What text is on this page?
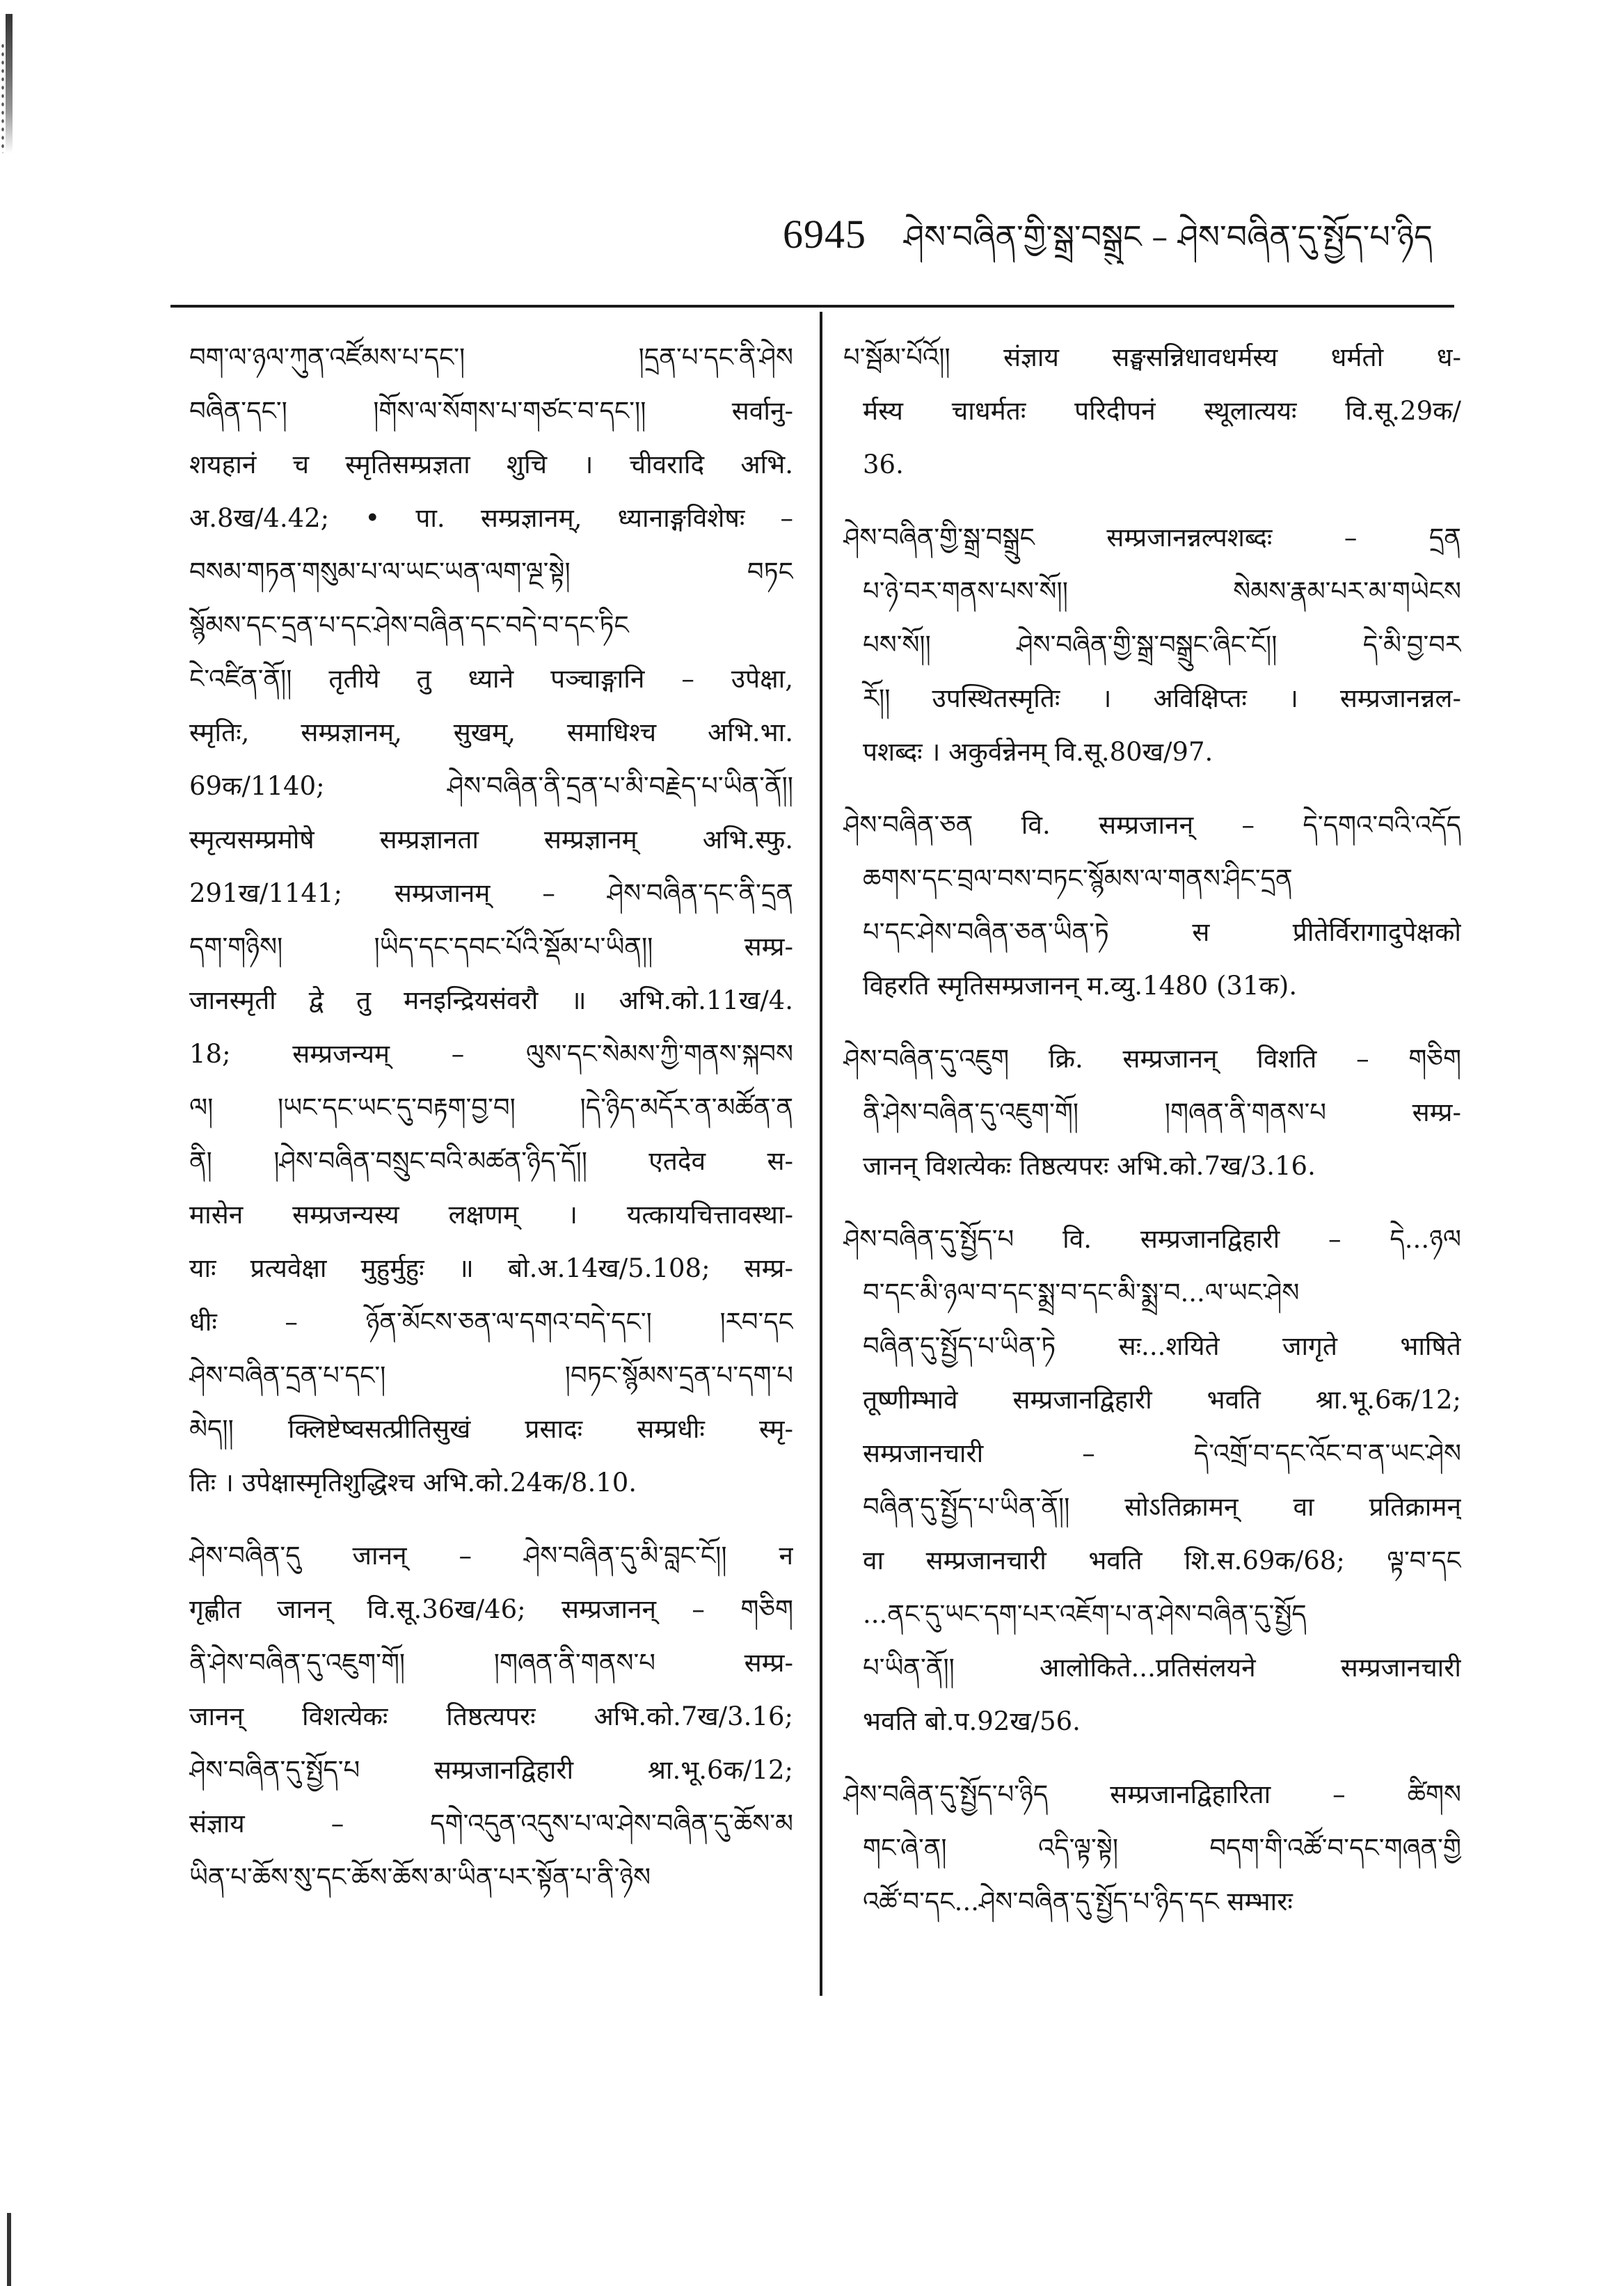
6945 ཤེས་བཞིན་གྱི་སྒྲ་བསྒྲུང – ཤེས་བཞིན་དུ་སྤྱོད་པ་ཉིད
བག་ལ་ཉལ་ཀུན་འཛོམས་པ་དང་། །དྲན་པ་དང་ནི་ཤེས
བཞིན་དང་། །གོས་ལ་སོགས་པ་གཙང་བ་དང་།། सर्वानु-
शयहानं च स्मृतिसम्प्रज्ञता शुचि । चीवरादि अभि.
अ.8ख/4.42; • पा. सम्प्रज्ञानम्, ध्यानाङ्गविशेषः –
བསམ་གཏན་གསུམ་པ་ལ་ཡང་ཡན་ལག་ལྔ་སྟེ། བཏང
སྙོམས་དང་དྲན་པ་དང་ཤེས་བཞིན་དང་བདེ་བ་དང་ཏིང
ངེ་འཛིན་ནོ།། तृतीये तु ध्याने पञ्चाङ्गानि – उपेक्षा,
स्मृतिः, सम्प्रज्ञानम्, सुखम्, समाधिश्च अभि.भा.
69क/1140; ཤེས་བཞིན་ནི་དྲན་པ་མི་བརྗེད་པ་ཡིན་ནོ།།
स्मृत्यसम्प्रमोषे सम्प्रज्ञानता सम्प्रज्ञानम् अभि.स्फु.
291ख/1141; सम्प्रजानम् – ཤེས་བཞིན་དང་ནི་དྲན
དག་གཉིས། །ཡིད་དང་དབང་པོའི་སྡོམ་པ་ཡིན།། सम्प्र-
जानस्मृती द्वे तु मनइन्द्रियसंवरौ ॥ अभि.को.11ख/4.
18; सम्प्रजन्यम् – ལུས་དང་སེམས་ཀྱི་གནས་སྐབས
ལ། །ཡང་དང་ཡང་དུ་བརྟག་བྱ་བ། །དེ་ཉིད་མདོར་ན་མཚོན་ན
ནི། །ཤེས་བཞིན་བསྲུང་བའི་མཚན་ཉིད་དོ།། एतदेव स-
मासेन सम्प्रजन्यस्य लक्षणम् । यत्कायचित्तावस्था-
याः प्रत्यवेक्षा मुहुर्मुहुः ॥ बो.अ.14ख/5.108; सम्प्र-
धीः – ཉོན་མོངས་ཅན་ལ་དགའ་བདེ་དང་། །རབ་དང
ཤེས་བཞིན་དྲན་པ་དང་། །བཏང་སྙོམས་དྲན་པ་དག་པ
མེད།། क्लिष्टेष्वसत्प्रीतिसुखं प्रसादः सम्प्रधीः स्मृ-
तिः । उपेक्षास्मृतिशुद्धिश्च अभि.को.24क/8.10.
ཤེས་བཞིན་དུ जानन् – ཤེས་བཞིན་དུ་མི་བླང་ངོ།། न
गृह्णीत जानन् वि.सू.36ख/46; सम्प्रजानन् – གཅིག
ནི་ཤེས་བཞིན་དུ་འཇུག་གོ། །གཞན་ནི་གནས་པ सम्प्र-
जानन् विशत्येकः तिष्ठत्यपरः अभि.को.7ख/3.16;
ཤེས་བཞིན་དུ་སྤྱོད་པ सम्प्रजानद्विहारी श्रा.भू.6क/12;
संज्ञाय – དགེ་འདུན་འདུས་པ་ལ་ཤེས་བཞིན་དུ་ཆོས་མ
ཡིན་པ་ཆོས་སུ་དང་ཆོས་ཆོས་མ་ཡིན་པར་སྟོན་པ་ནི་ཉེས
པ་སྦོམ་པོའོ།། संज्ञाय सङ्घसन्निधावधर्मस्य धर्मतो ध-
र्मस्य चाधर्मतः परिदीपनं स्थूलात्ययः वि.सू.29क/
36.
ཤེས་བཞིན་གྱི་སྒྲ་བསྒྲུང सम्प्रजानन्नल्पशब्दः – དྲན
པ་ཉེ་བར་གནས་པས་སོ།། སེམས་རྣམ་པར་མ་གཡེངས
པས་སོ།། ཤེས་བཞིན་གྱི་སྒྲ་བསྒྲུང་ཞིང་ངོ།། དེ་མི་བྱ་བར
རོ།། उपस्थितस्मृतिः । अविक्षिप्तः । सम्प्रजानन्नल-
पशब्दः । अकुर्वन्नेनम् वि.सू.80ख/97.
ཤེས་བཞིན་ཅན वि. सम्प्रजानन् – དེ་དགའ་བའི་འདོད
ཆགས་དང་བྲལ་བས་བཏང་སྙོམས་ལ་གནས་ཤིང་དྲན
པ་དང་ཤེས་བཞིན་ཅན་ཡིན་ཏེ स प्रीतेर्विरागादुपेक्षको
विहरति स्मृतिसम्प्रजानन् म.व्यु.1480 (31क).
ཤེས་བཞིན་དུ་འཇུག क्रि. सम्प्रजानन् विशति – གཅིག
ནི་ཤེས་བཞིན་དུ་འཇུག་གོ། །གཞན་ནི་གནས་པ सम्प्र-
जानन् विशत्येकः तिष्ठत्यपरः अभि.को.7ख/3.16.
ཤེས་བཞིན་དུ་སྤྱོད་པ वि. सम्प्रजानद्विहारी – དེ...ཉལ
བ་དང་མི་ཉལ་བ་དང་སྨྲ་བ་དང་མི་སྨྲ་བ...ལ་ཡང་ཤེས
བཞིན་དུ་སྤྱོད་པ་ཡིན་ཏེ सः...शयिते जागृते भाषिते
तूष्णीम्भावे सम्प्रजानद्विहारी भवति श्रा.भू.6क/12;
सम्प्रजानचारी – དེ་འགྲོ་བ་དང་འོང་བ་ན་ཡང་ཤེས
བཞིན་དུ་སྤྱོད་པ་ཡིན་ནོ།། सोऽतिक्रामन् वा प्रतिक्रामन्
वा सम्प्रजानचारी भवति शि.स.69क/68; ལྟ་བ་དང
...ནང་དུ་ཡང་དག་པར་འཇོག་པ་ན་ཤེས་བཞིན་དུ་སྤྱོད
པ་ཡིན་ནོ།། आलोकिते...प्रतिसंलयने सम्प्रजानचारी
भवति बो.प.92ख/56.
ཤེས་བཞིན་དུ་སྤྱོད་པ་ཉིད सम्प्रजानद्विहारिता – ཚིགས
གང་ཞེ་ན། འདི་ལྟ་སྟེ། བདག་གི་འཚོ་བ་དང་གཞན་གྱི
འཚོ་བ་དང...ཤེས་བཞིན་དུ་སྤྱོད་པ་ཉིད་དང सम्भारः
